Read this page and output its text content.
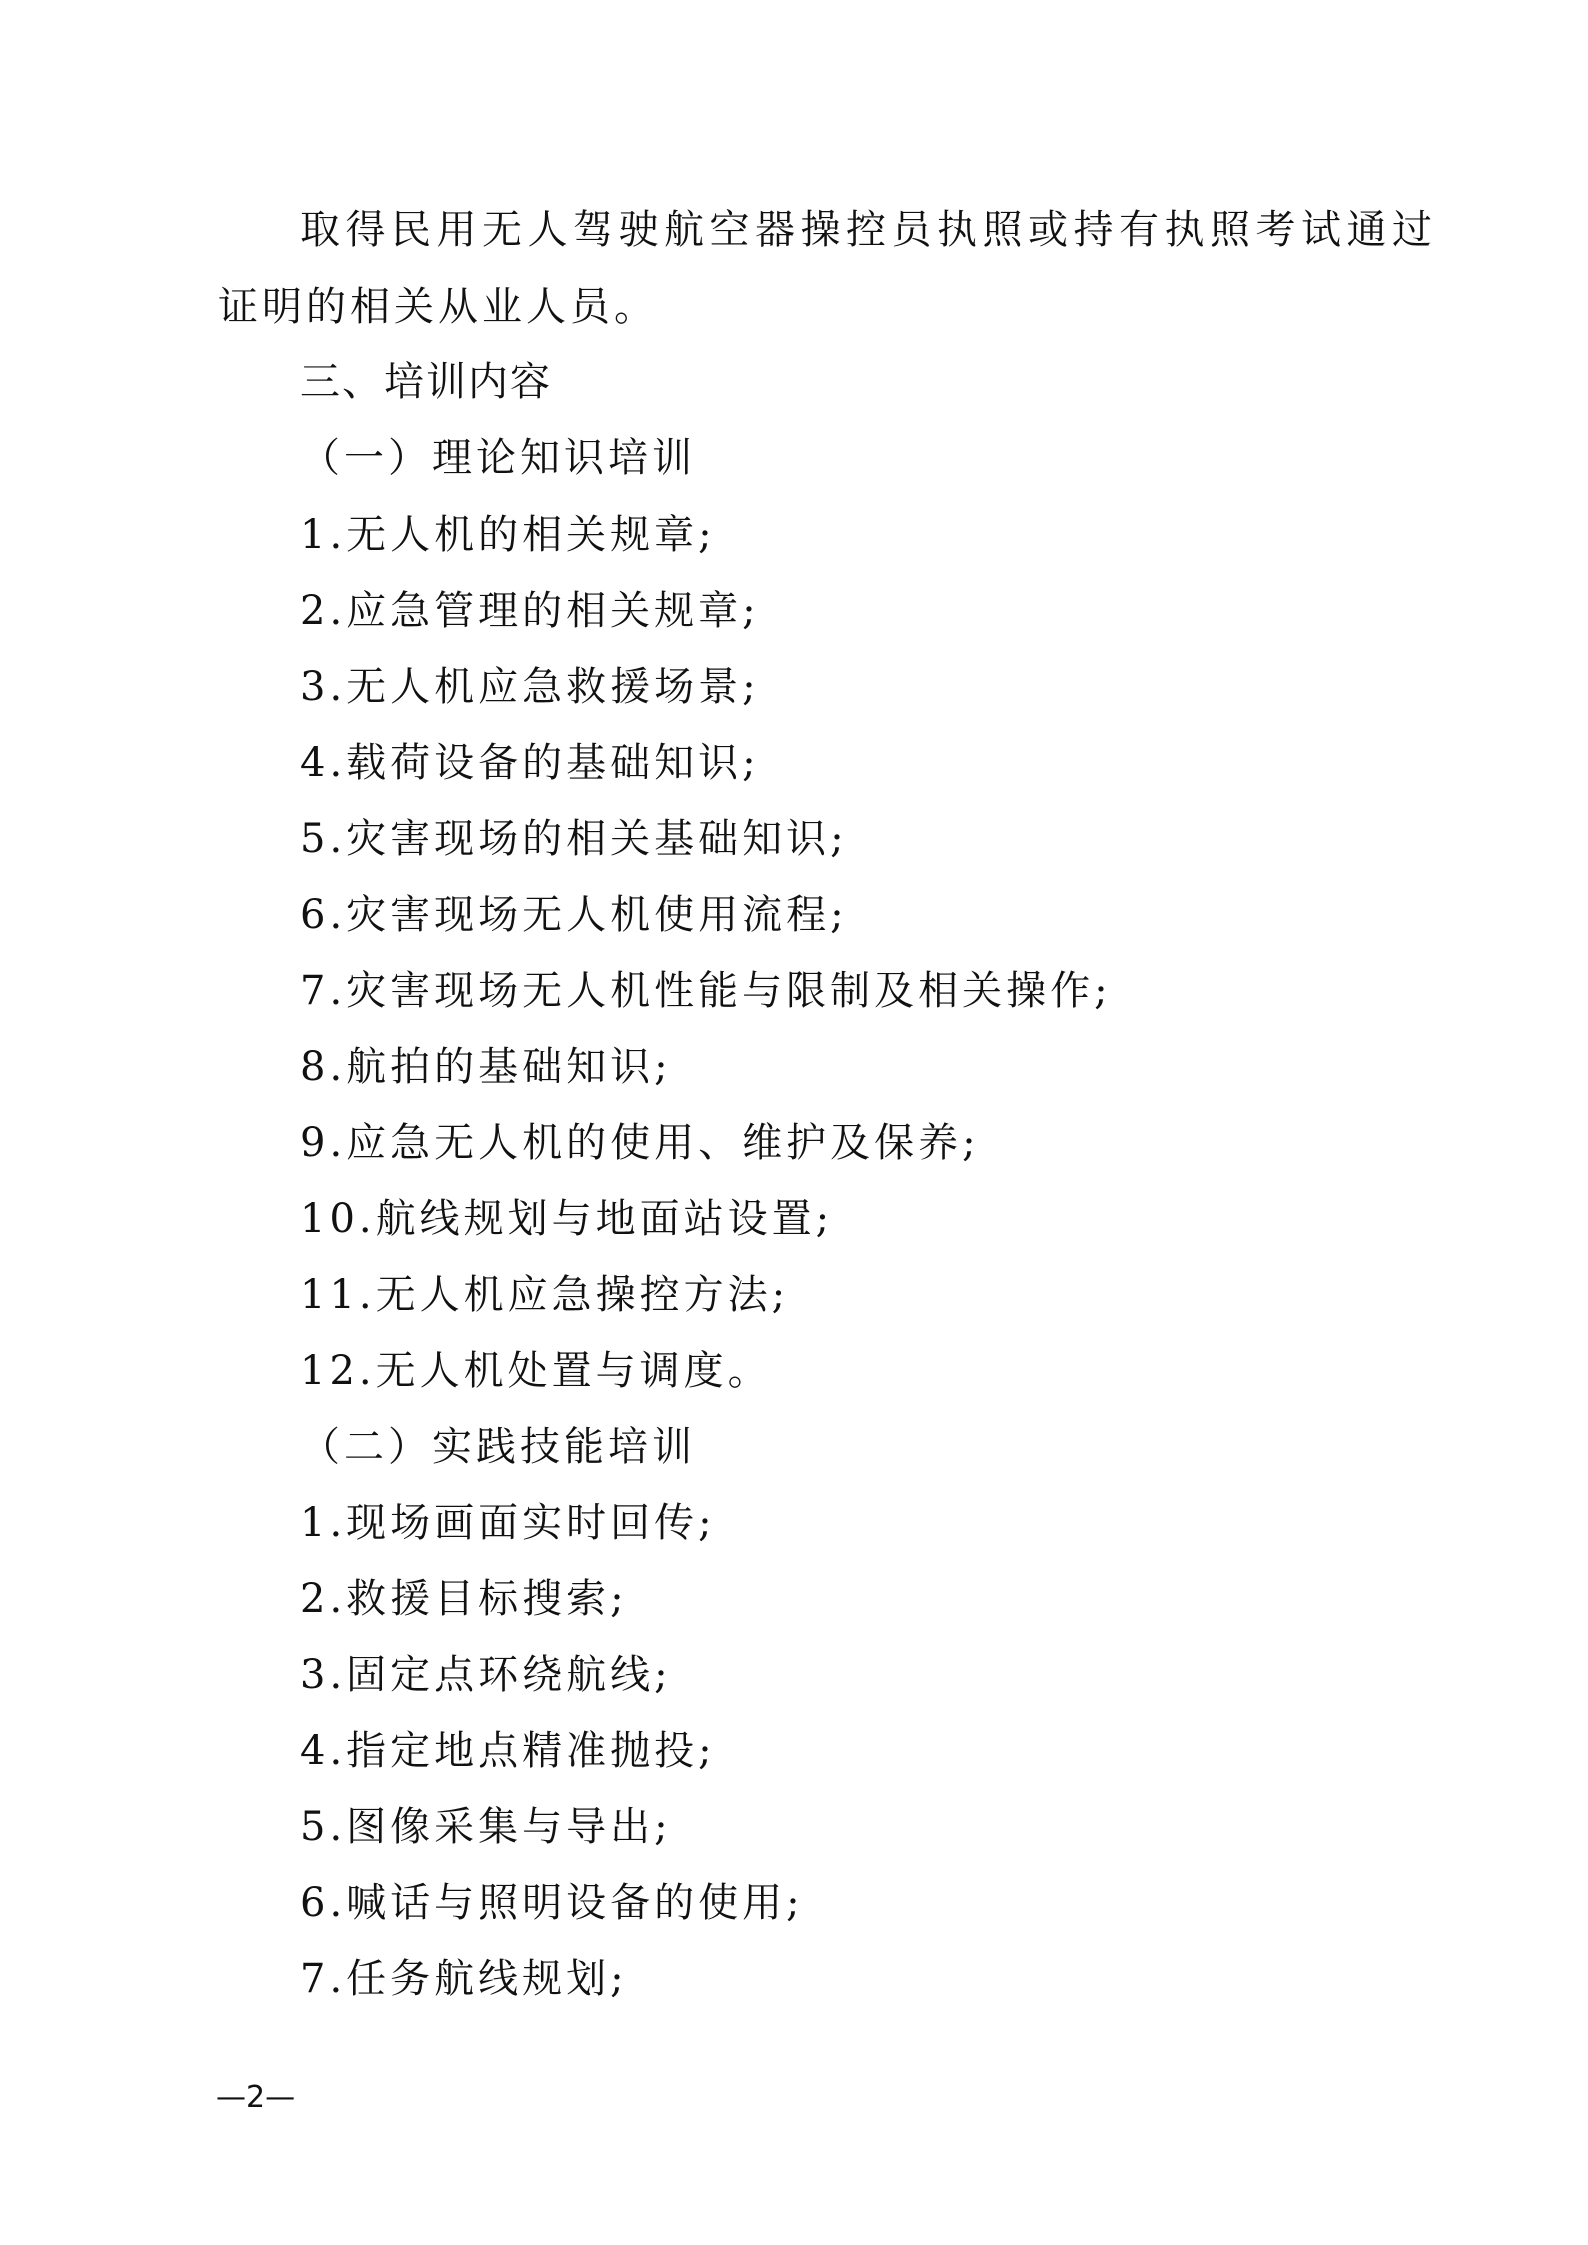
取得民用无人驾驶航空器操控员执照或持有执照考试通过
证明的相关从业人员。
三、培训内容
（一）理论知识培训
1.无人机的相关规章;
2.应急管理的相关规章;
3.无人机应急救援场景;
4.载荷设备的基础知识;
5.灾害现场的相关基础知识;
6.灾害现场无人机使用流程;
7.灾害现场无人机性能与限制及相关操作;
8.航拍的基础知识;
9.应急无人机的使用、维护及保养;
10.航线规划与地面站设置;
11.无人机应急操控方法;
12.无人机处置与调度。
（二）实践技能培训
1.现场画面实时回传;
2.救援目标搜索;
3.固定点环绕航线;
4.指定地点精准抛投;
5.图像采集与导出;
6.喊话与照明设备的使用;
7.任务航线规划;
—2—
